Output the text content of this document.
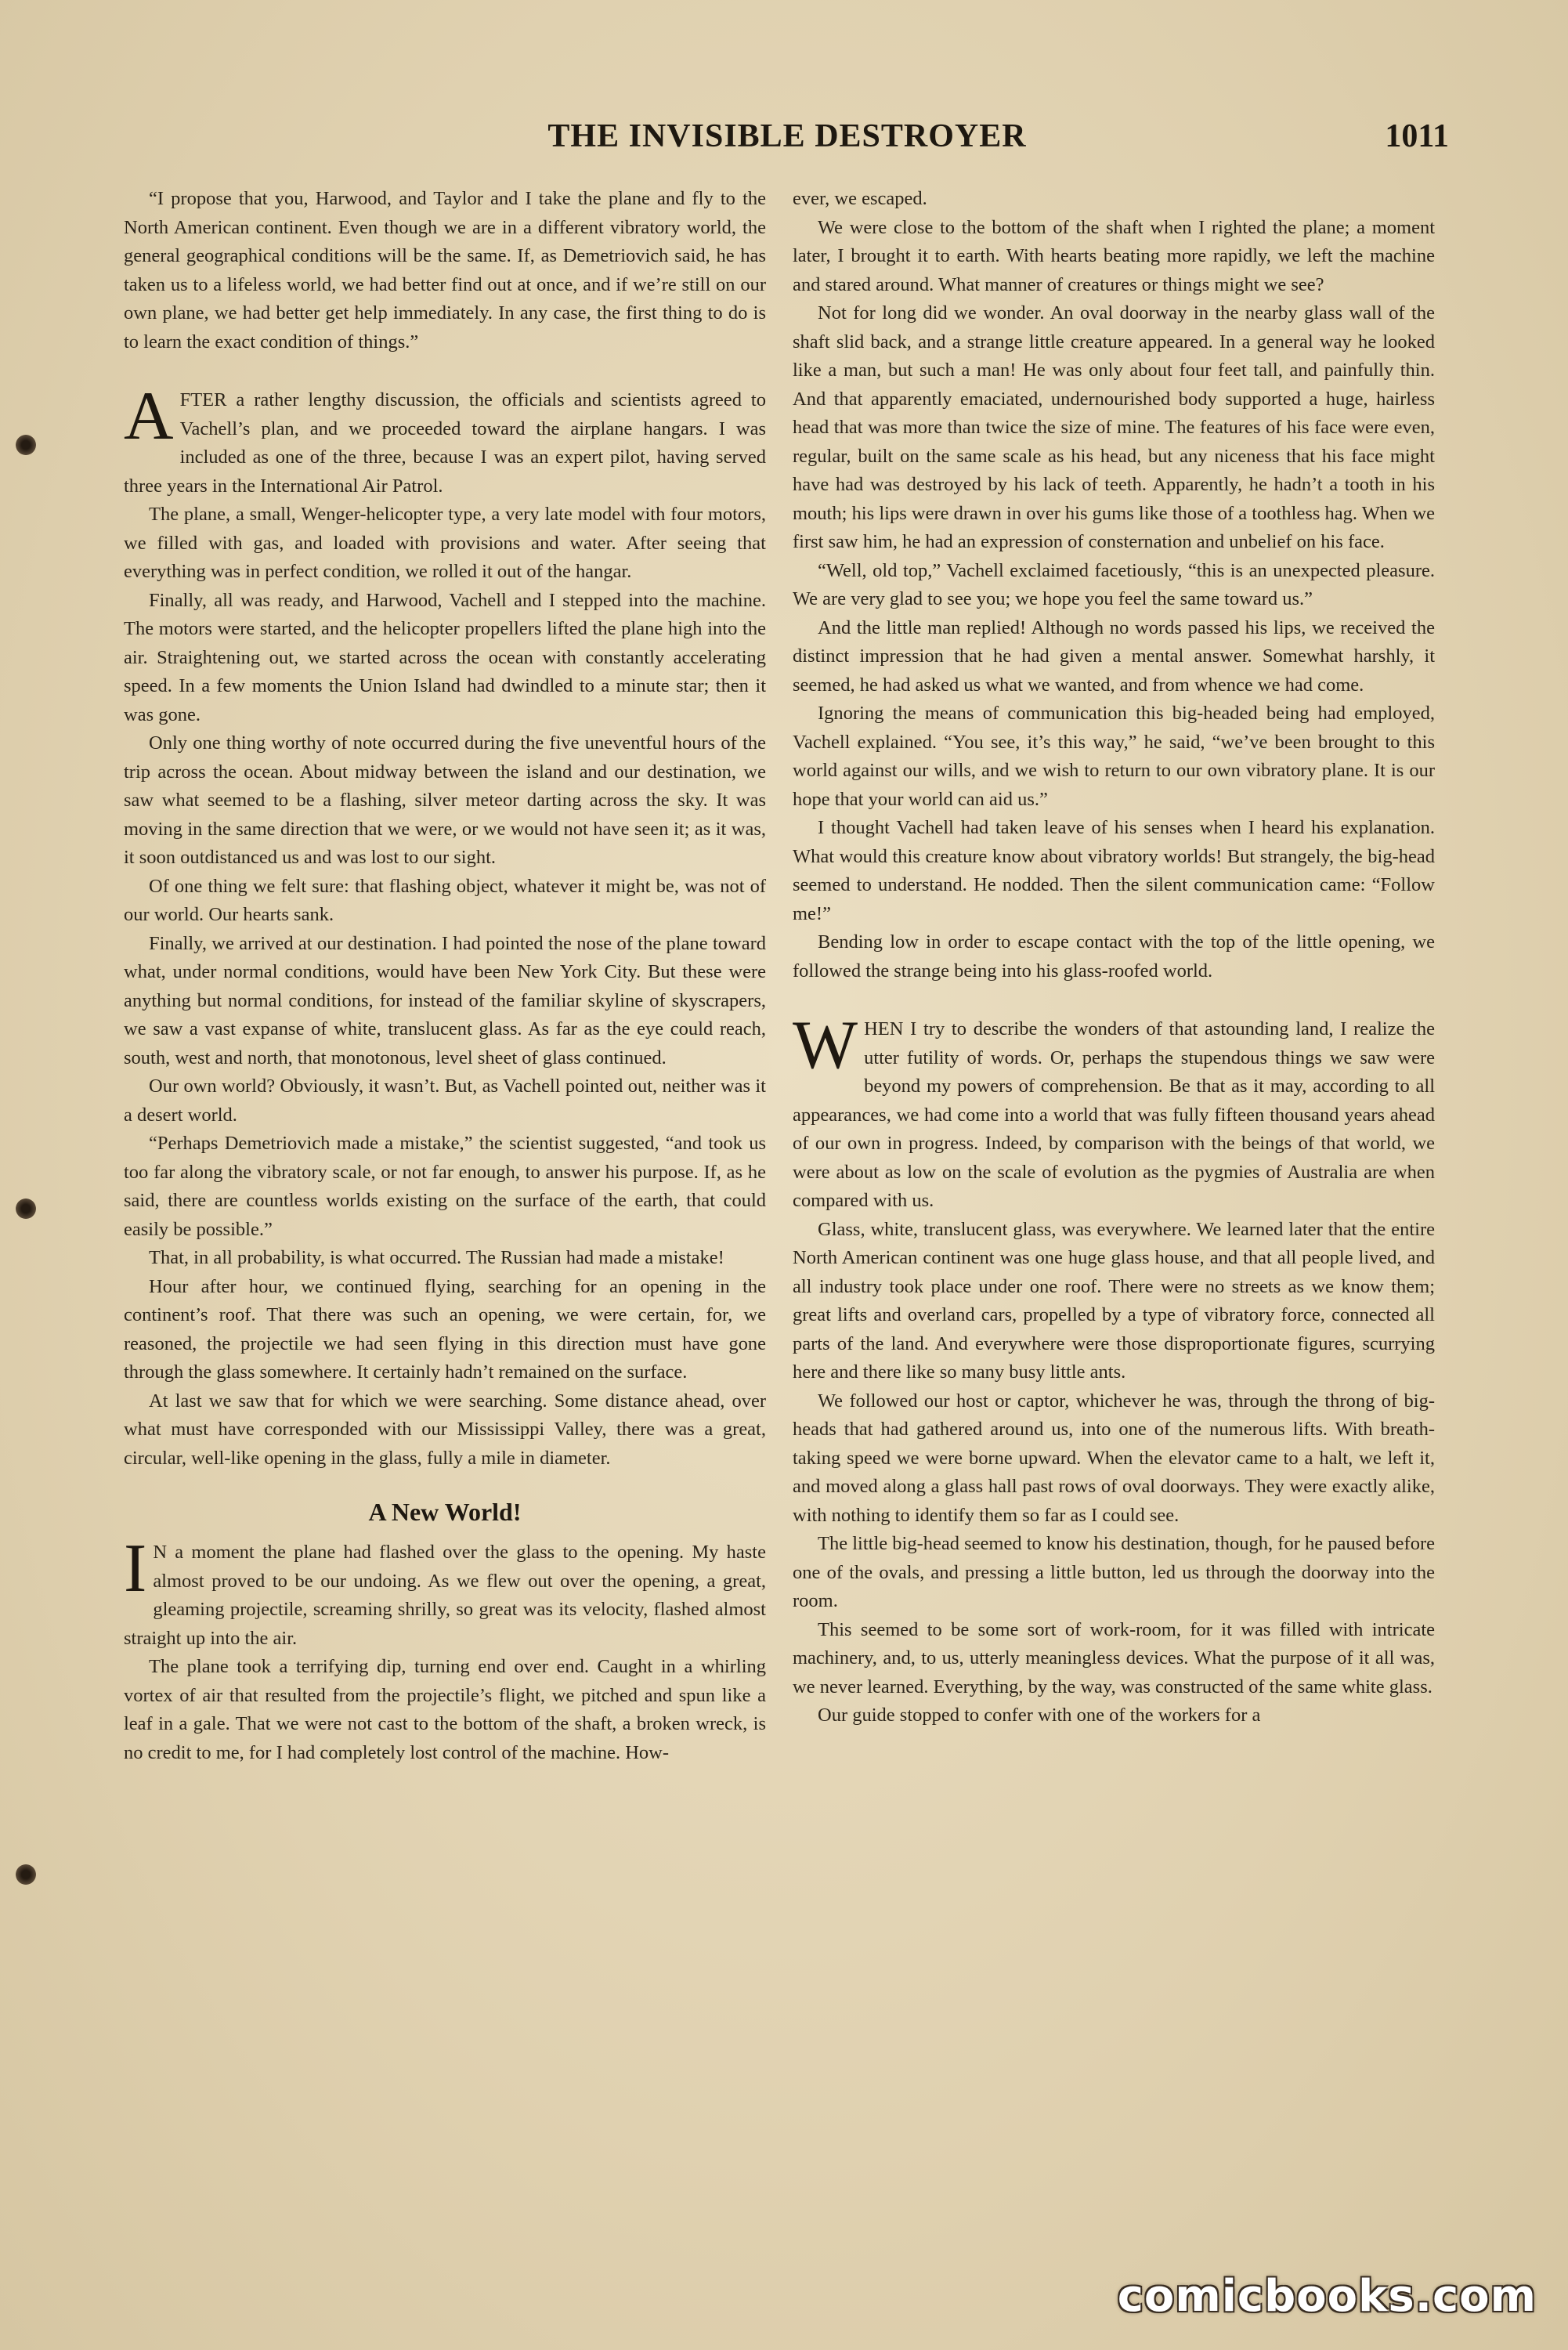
THE INVISIBLE DESTROYER	1011

“I propose that you, Harwood, and Taylor and I take the plane and fly to the North American continent. Even though we are in a different vibratory world, the general geographical conditions will be the same. If, as Demetriovich said, he has taken us to a lifeless world, we had better find out at once, and if we’re still on our own plane, we had better get help immediately. In any case, the first thing to do is to learn the exact condition of things.”

AFTER a rather lengthy discussion, the officials and scientists agreed to Vachell’s plan, and we proceeded toward the airplane hangars. I was included as one of the three, because I was an expert pilot, having served three years in the International Air Patrol.

The plane, a small, Wenger-helicopter type, a very late model with four motors, we filled with gas, and loaded with provisions and water. After seeing that everything was in perfect condition, we rolled it out of the hangar.

Finally, all was ready, and Harwood, Vachell and I stepped into the machine. The motors were started, and the helicopter propellers lifted the plane high into the air. Straightening out, we started across the ocean with constantly accelerating speed. In a few moments the Union Island had dwindled to a minute star; then it was gone.

Only one thing worthy of note occurred during the five uneventful hours of the trip across the ocean. About midway between the island and our destination, we saw what seemed to be a flashing, silver meteor darting across the sky. It was moving in the same direction that we were, or we would not have seen it; as it was, it soon outdistanced us and was lost to our sight.

Of one thing we felt sure: that flashing object, whatever it might be, was not of our world. Our hearts sank.

Finally, we arrived at our destination. I had pointed the nose of the plane toward what, under normal conditions, would have been New York City. But these were anything but normal conditions, for instead of the familiar skyline of skyscrapers, we saw a vast expanse of white, translucent glass. As far as the eye could reach, south, west and north, that monotonous, level sheet of glass continued.

Our own world? Obviously, it wasn’t. But, as Vachell pointed out, neither was it a desert world.

“Perhaps Demetriovich made a mistake,” the scientist suggested, “and took us too far along the vibratory scale, or not far enough, to answer his purpose. If, as he said, there are countless worlds existing on the surface of the earth, that could easily be possible.”

That, in all probability, is what occurred. The Russian had made a mistake!

Hour after hour, we continued flying, searching for an opening in the continent’s roof. That there was such an opening, we were certain, for, we reasoned, the projectile we had seen flying in this direction must have gone through the glass somewhere. It certainly hadn’t remained on the surface.

At last we saw that for which we were searching. Some distance ahead, over what must have corresponded with our Mississippi Valley, there was a great, circular, well-like opening in the glass, fully a mile in diameter.

A New World!

IN a moment the plane had flashed over the glass to the opening. My haste almost proved to be our undoing. As we flew out over the opening, a great, gleaming projectile, screaming shrilly, so great was its velocity, flashed almost straight up into the air.

The plane took a terrifying dip, turning end over end. Caught in a whirling vortex of air that resulted from the projectile’s flight, we pitched and spun like a leaf in a gale. That we were not cast to the bottom of the shaft, a broken wreck, is no credit to me, for I had completely lost control of the machine. How-

ever, we escaped.

We were close to the bottom of the shaft when I righted the plane; a moment later, I brought it to earth. With hearts beating more rapidly, we left the machine and stared around. What manner of creatures or things might we see?

Not for long did we wonder. An oval doorway in the nearby glass wall of the shaft slid back, and a strange little creature appeared. In a general way he looked like a man, but such a man! He was only about four feet tall, and painfully thin. And that apparently emaciated, undernourished body supported a huge, hairless head that was more than twice the size of mine. The features of his face were even, regular, built on the same scale as his head, but any niceness that his face might have had was destroyed by his lack of teeth. Apparently, he hadn’t a tooth in his mouth; his lips were drawn in over his gums like those of a toothless hag. When we first saw him, he had an expression of consternation and unbelief on his face.

“Well, old top,” Vachell exclaimed facetiously, “this is an unexpected pleasure. We are very glad to see you; we hope you feel the same toward us.”

And the little man replied! Although no words passed his lips, we received the distinct impression that he had given a mental answer. Somewhat harshly, it seemed, he had asked us what we wanted, and from whence we had come.

Ignoring the means of communication this big-headed being had employed, Vachell explained. “You see, it’s this way,” he said, “we’ve been brought to this world against our wills, and we wish to return to our own vibratory plane. It is our hope that your world can aid us.”

I thought Vachell had taken leave of his senses when I heard his explanation. What would this creature know about vibratory worlds! But strangely, the big-head seemed to understand. He nodded. Then the silent communication came: “Follow me!”

Bending low in order to escape contact with the top of the little opening, we followed the strange being into his glass-roofed world.

WHEN I try to describe the wonders of that astounding land, I realize the utter futility of words. Or, perhaps the stupendous things we saw were beyond my powers of comprehension. Be that as it may, according to all appearances, we had come into a world that was fully fifteen thousand years ahead of our own in progress. Indeed, by comparison with the beings of that world, we were about as low on the scale of evolution as the pygmies of Australia are when compared with us.

Glass, white, translucent glass, was everywhere. We learned later that the entire North American continent was one huge glass house, and that all people lived, and all industry took place under one roof. There were no streets as we know them; great lifts and overland cars, propelled by a type of vibratory force, connected all parts of the land. And everywhere were those disproportionate figures, scurrying here and there like so many busy little ants.

We followed our host or captor, whichever he was, through the throng of big-heads that had gathered around us, into one of the numerous lifts. With breath-taking speed we were borne upward. When the elevator came to a halt, we left it, and moved along a glass hall past rows of oval doorways. They were exactly alike, with nothing to identify them so far as I could see.

The little big-head seemed to know his destination, though, for he paused before one of the ovals, and pressing a little button, led us through the doorway into the room.

This seemed to be some sort of work-room, for it was filled with intricate machinery, and, to us, utterly meaningless devices. What the purpose of it all was, we never learned. Everything, by the way, was constructed of the same white glass.

Our guide stopped to confer with one of the workers for a

comicbooks.com
